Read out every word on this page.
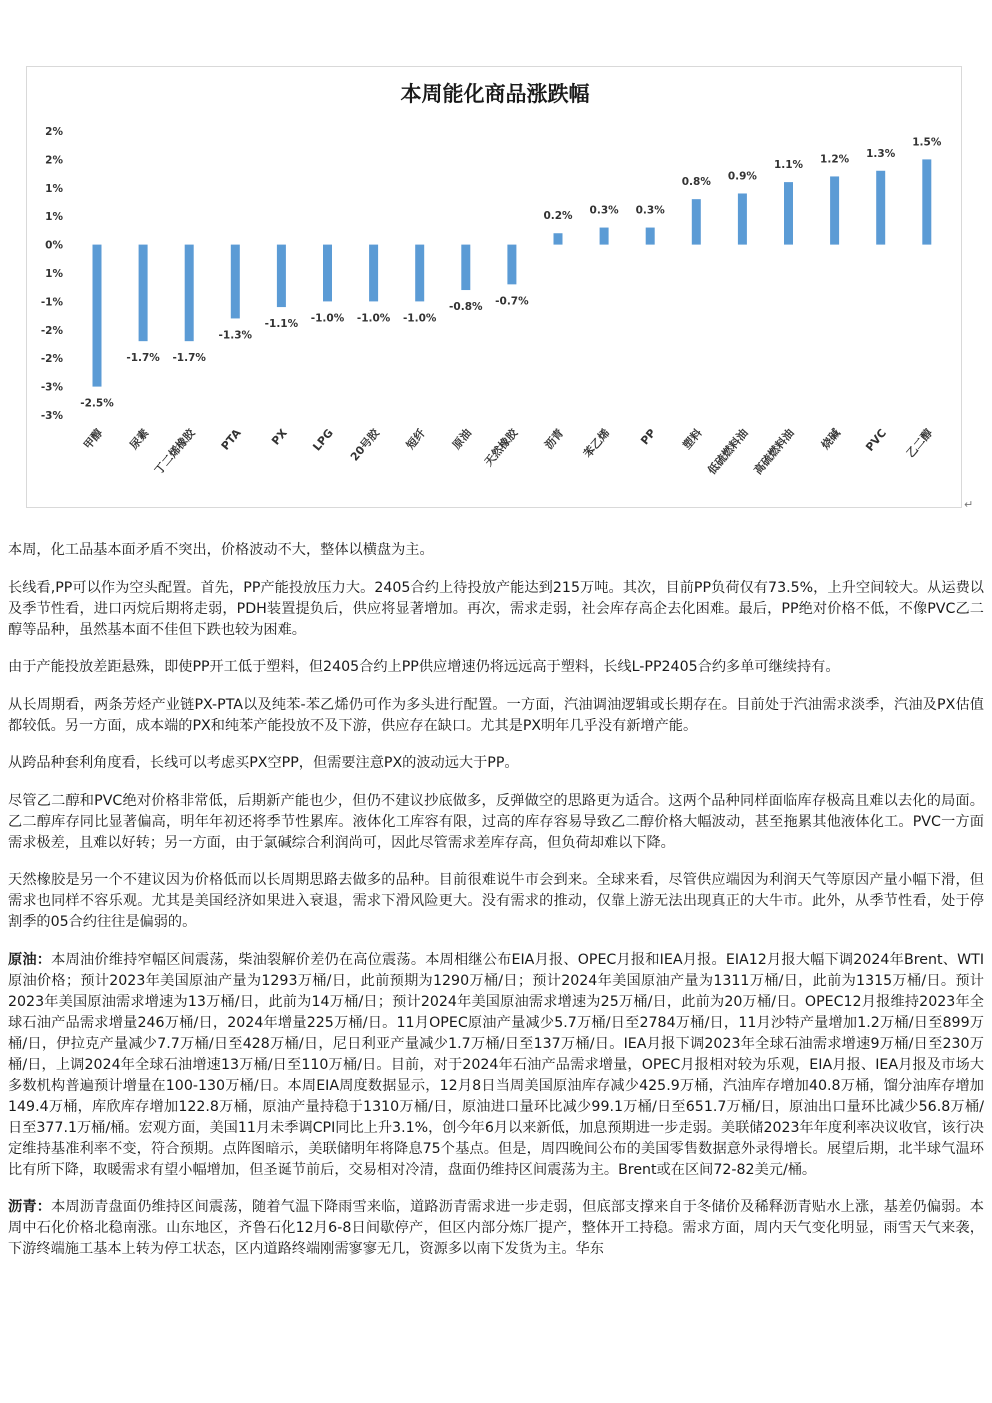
本周能化商品涨跌幅
2%
2%
1%
1%
0%
1%
-1%
-2%
-2%
-3%
-3%
-2.5%
-1.7% -1.7%
-1.3%
-1.1% -1.0% -1.0% -1.0%
-0.8% -0.7%
0.2% 0.3% 0.3%
0.8% 0.9%
1.1% 1.2% 1.3%
1.5%
甲醇 尿素 丁二烯橡胶 PTA PX LPG 20号胶 短纤 原油 天然橡胶 沥青 苯乙烯 PP 塑料 低硫燃料油 高硫燃料油 烧碱 PVC 乙二醇
↵

本周，化工品基本面矛盾不突出，价格波动不大，整体以横盘为主。

长线看,PP可以作为空头配置。首先，PP产能投放压力大。2405合约上待投放产能达到215万吨。其次，目前PP负荷仅有73.5%，上升空间较大。从运费以及季节性看，进口丙烷后期将走弱，PDH装置提负后，供应将显著增加。再次，需求走弱，社会库存高企去化困难。最后，PP绝对价格不低，不像PVC乙二醇等品种，虽然基本面不佳但下跌也较为困难。

由于产能投放差距悬殊，即使PP开工低于塑料，但2405合约上PP供应增速仍将远远高于塑料，长线L-PP2405合约多单可继续持有。

从长周期看，两条芳烃产业链PX-PTA以及纯苯-苯乙烯仍可作为多头进行配置。一方面，汽油调油逻辑或长期存在。目前处于汽油需求淡季，汽油及PX估值都较低。另一方面，成本端的PX和纯苯产能投放不及下游，供应存在缺口。尤其是PX明年几乎没有新增产能。

从跨品种套利角度看，长线可以考虑买PX空PP，但需要注意PX的波动远大于PP。

尽管乙二醇和PVC绝对价格非常低，后期新产能也少，但仍不建议抄底做多，反弹做空的思路更为适合。这两个品种同样面临库存极高且难以去化的局面。乙二醇库存同比显著偏高，明年年初还将季节性累库。液体化工库容有限，过高的库存容易导致乙二醇价格大幅波动，甚至拖累其他液体化工。PVC一方面需求极差，且难以好转；另一方面，由于氯碱综合利润尚可，因此尽管需求差库存高，但负荷却难以下降。

天然橡胶是另一个不建议因为价格低而以长周期思路去做多的品种。目前很难说牛市会到来。全球来看，尽管供应端因为利润天气等原因产量小幅下滑，但需求也同样不容乐观。尤其是美国经济如果进入衰退，需求下滑风险更大。没有需求的推动，仅靠上游无法出现真正的大牛市。此外，从季节性看，处于停割季的05合约往往是偏弱的。

原油：本周油价维持窄幅区间震荡，柴油裂解价差仍在高位震荡。本周相继公布EIA月报、OPEC月报和IEA月报。EIA12月报大幅下调2024年Brent、WTI原油价格；预计2023年美国原油产量为1293万桶/日，此前预期为1290万桶/日；预计2024年美国原油产量为1311万桶/日，此前为1315万桶/日。预计2023年美国原油需求增速为13万桶/日，此前为14万桶/日；预计2024年美国原油需求增速为25万桶/日，此前为20万桶/日。OPEC12月报维持2023年全球石油产品需求增量246万桶/日，2024年增量225万桶/日。11月OPEC原油产量减少5.7万桶/日至2784万桶/日，11月沙特产量增加1.2万桶/日至899万桶/日，伊拉克产量减少7.7万桶/日至428万桶/日，尼日利亚产量减少1.7万桶/日至137万桶/日。IEA月报下调2023年全球石油需求增速9万桶/日至230万桶/日，上调2024年全球石油增速13万桶/日至110万桶/日。目前，对于2024年石油产品需求增量，OPEC月报相对较为乐观，EIA月报、IEA月报及市场大多数机构普遍预计增量在100-130万桶/日。本周EIA周度数据显示，12月8日当周美国原油库存减少425.9万桶，汽油库存增加40.8万桶，馏分油库存增加149.4万桶，库欣库存增加122.8万桶，原油产量持稳于1310万桶/日，原油进口量环比减少99.1万桶/日至651.7万桶/日，原油出口量环比减少56.8万桶/日至377.1万桶/桶。宏观方面，美国11月未季调CPI同比上升3.1%，创今年6月以来新低，加息预期进一步走弱。美联储2023年年度利率决议收官，该行决定维持基准利率不变，符合预期。点阵图暗示，美联储明年将降息75个基点。但是，周四晚间公布的美国零售数据意外录得增长。展望后期，北半球气温环比有所下降，取暖需求有望小幅增加，但圣诞节前后，交易相对冷清，盘面仍维持区间震荡为主。Brent或在区间72-82美元/桶。

沥青：本周沥青盘面仍维持区间震荡，随着气温下降雨雪来临，道路沥青需求进一步走弱，但底部支撑来自于冬储价及稀释沥青贴水上涨，基差仍偏弱。本周中石化价格北稳南涨。山东地区，齐鲁石化12月6-8日间歇停产，但区内部分炼厂提产，整体开工持稳。需求方面，周内天气变化明显，雨雪天气来袭，下游终端施工基本上转为停工状态，区内道路终端刚需寥寥无几，资源多以南下发货为主。华东
